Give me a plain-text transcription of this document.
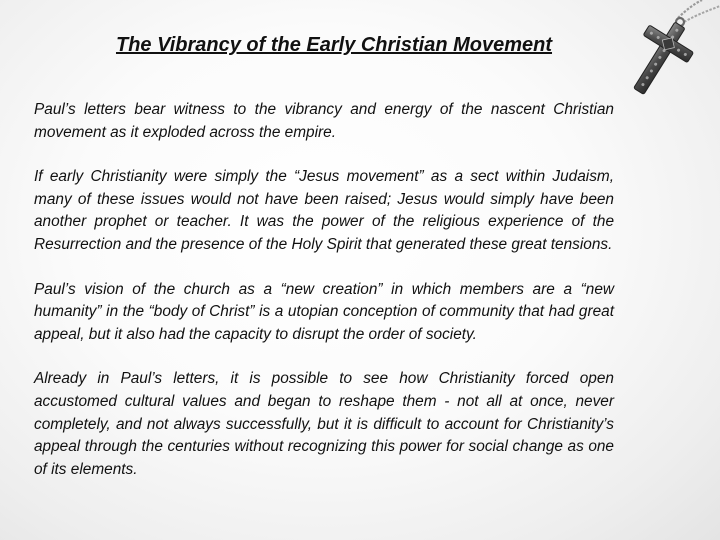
The Vibrancy of the Early Christian Movement

Paul’s letters bear witness to the vibrancy and energy of the nascent Christian movement as it exploded across the empire.

If early Christianity were simply the “Jesus movement” as a sect within Judaism, many of these issues would not have been raised; Jesus would simply have been another prophet or teacher. It was the power of the religious experience of the Resurrection and the presence of the Holy Spirit that generated these great tensions.

Paul’s vision of the church as a “new creation” in which members are a “new humanity” in the “body of Christ” is a utopian conception of community that had great appeal, but it also had the capacity to disrupt the order of society.

Already in Paul’s letters, it is possible to see how Christianity forced open accustomed cultural values and began to reshape them - not all at once, never completely, and not always successfully, but it is difficult to account for Christianity’s appeal through the centuries without recognizing this power for social change as one of its elements.
